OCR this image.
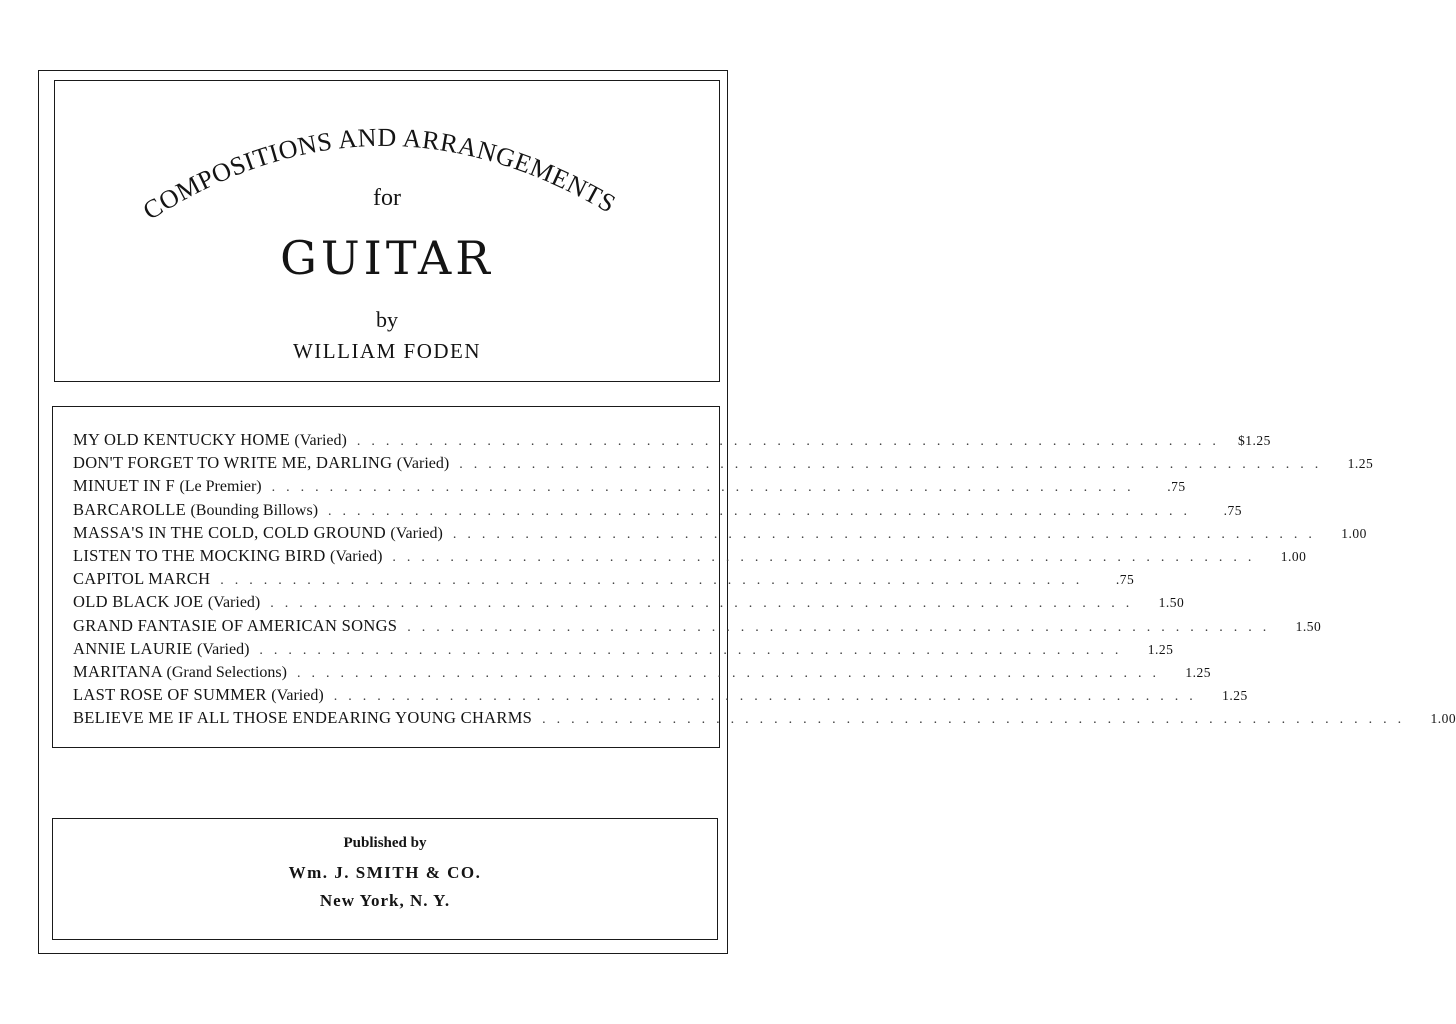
COMPOSITIONS AND ARRANGEMENTS
for
GUITAR
by
WILLIAM FODEN
MY OLD KENTUCKY HOME (Varied) ............................................................ $1.25
DON'T FORGET TO WRITE ME, DARLING (Varied) ............................................................	1.25
MINUET IN F (Le Premier) ............................................................	.75
BARCAROLLE (Bounding Billows) ............................................................	.75
MASSA'S IN THE COLD, COLD GROUND (Varied) ............................................................	1.00
LISTEN TO THE MOCKING BIRD (Varied) ............................................................	1.00
CAPITOL MARCH ............................................................	.75
OLD BLACK JOE (Varied) ............................................................	1.50
GRAND FANTASIE OF AMERICAN SONGS ............................................................	1.50
ANNIE LAURIE (Varied) ............................................................	1.25
MARITANA (Grand Selections) ............................................................	1.25
LAST ROSE OF SUMMER (Varied) ............................................................	1.25
BELIEVE ME IF ALL THOSE ENDEARING YOUNG CHARMS ............................................................	1.00
Published by
Wm. J. SMITH & CO.
New York, N. Y.
